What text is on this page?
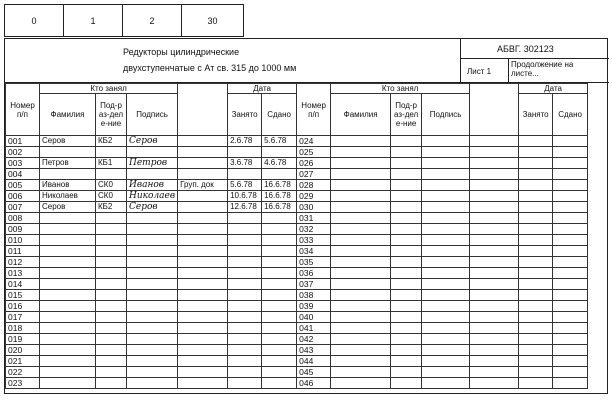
0	1	2	30
Редукторы цилиндрические
двухступенчатые с Ат св. 315 до 1000 мм
АБВГ. 302123
Лист 1
Продолжение на листе...
Номер п/п	Кто занял				Дата		Номер п/п	Кто занял				Дата	
	Фамилия	Под-раз-деле-ние	Подпись		Занято	Сдано		Фамилия	Под-раз-деле-ние	Подпись		Занято	Сдано
001	Серов	КБ2	Серов		2.6.78	5.6.78	024						
002							025						
003	Петров	КБ1	Петров		3.6.78	4.6.78	026						
004							027						
005	Иванов	СК0	Иванов	Груп. док	5.6.78	16.6.78	028						
006	Николаев	СК0	Николаев		10.6.78	16.6.78	029						
007	Серов	КБ2	Серов		12.6.78	16.6.78	030						
008							031						
009							032						
010							033						
011							034						
012							035						
013							036						
014							037						
015							038						
016							039						
017							040						
018							041						
019							042						
020							043						
021							044						
022							045						
023							046						
